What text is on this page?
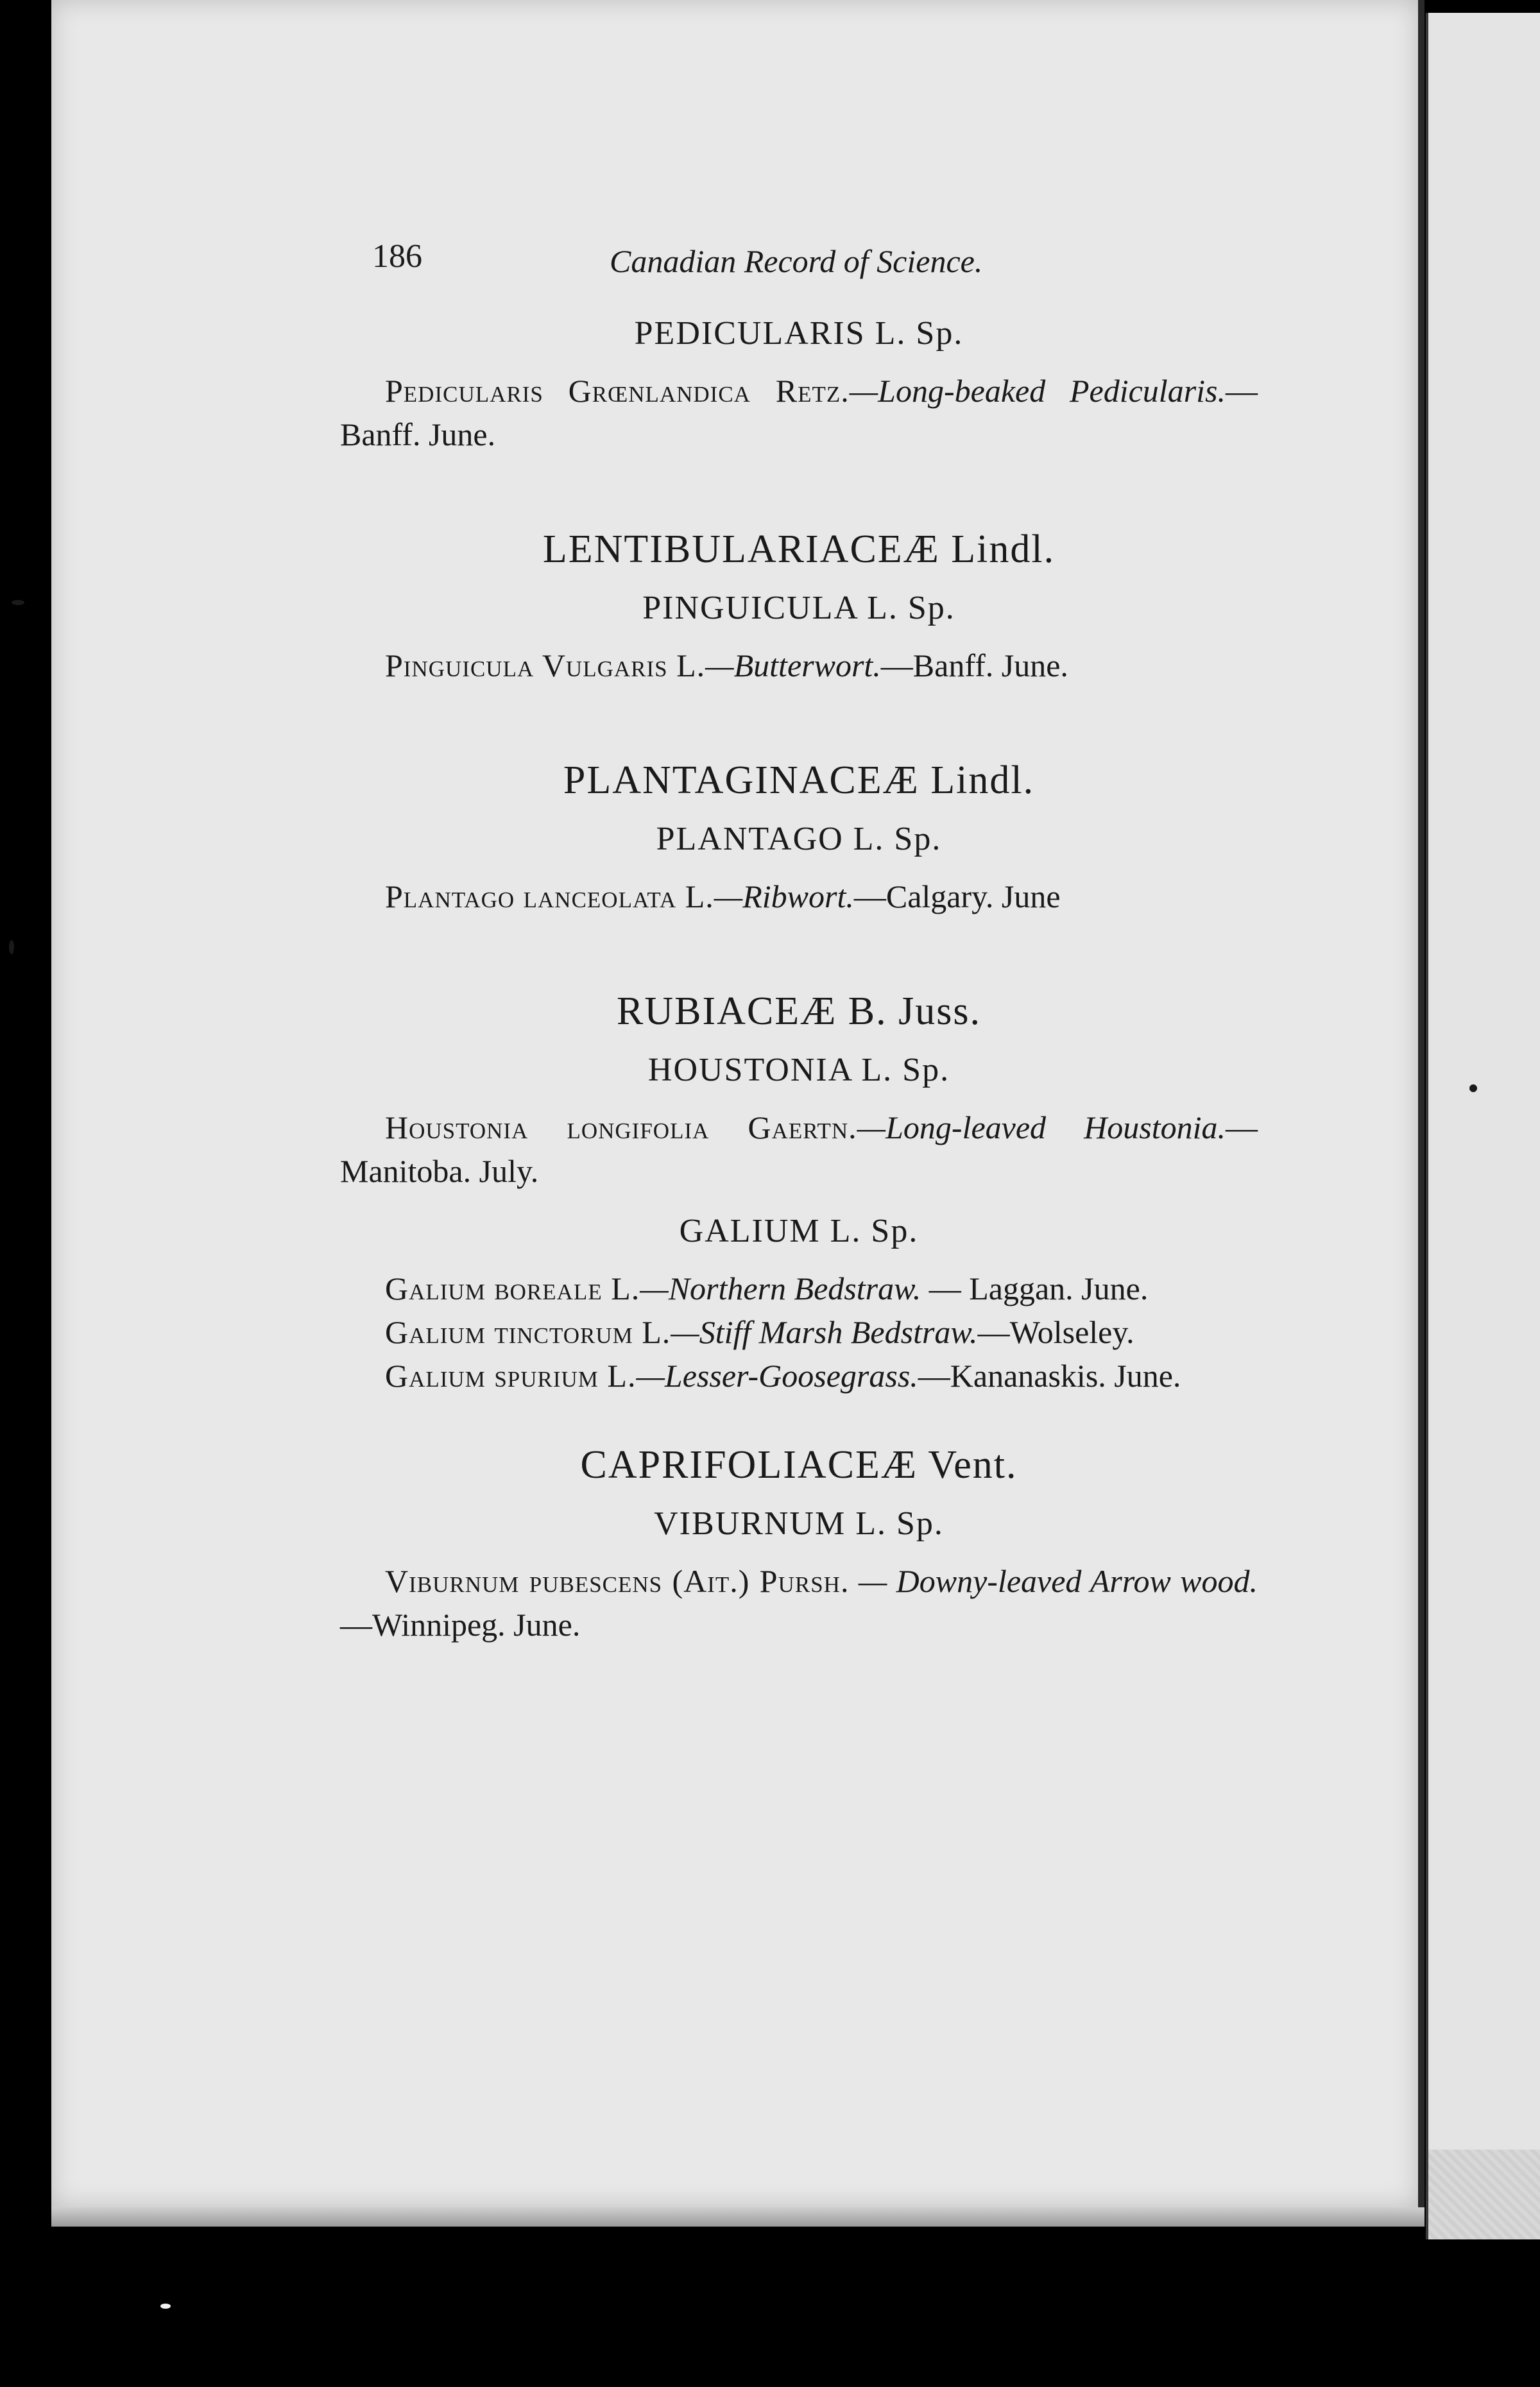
186	Canadian Record of Science.
PEDICULARIS L. Sp.

Pedicularis Grœnlandica Retz.—Long-beaked Pedicularis.—Banff. June.

LENTIBULARIACEÆ Lindl.
PINGUICULA L. Sp.

Pinguicula Vulgaris L.—Butterwort.—Banff. June.

PLANTAGINACEÆ Lindl.
PLANTAGO L. Sp.

Plantago lanceolata L.—Ribwort.—Calgary. June

RUBIACEÆ B. Juss.
HOUSTONIA L. Sp.

Houstonia longifolia Gaertn.—Long-leaved Houstonia.—Manitoba. July.

GALIUM L. Sp.

Galium boreale L.—Northern Bedstraw. — Laggan. June.

Galium tinctorum L.—Stiff Marsh Bedstraw.—Wolseley.

Galium spurium L.—Lesser-Goosegrass.—Kananaskis. June.

CAPRIFOLIACEÆ Vent.
VIBURNUM L. Sp.

Viburnum pubescens (Ait.) Pursh. — Downy-leaved Arrow wood.—Winnipeg. June.
